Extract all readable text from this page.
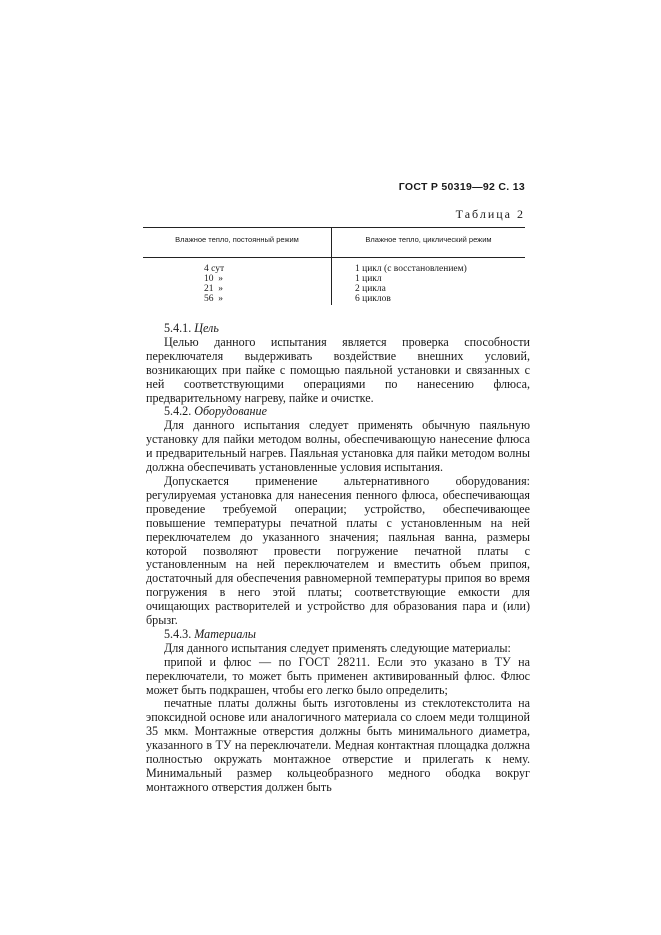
ГОСТ Р 50319—92 С. 13
Таблица 2
Влажное тепло, постоянный режим	Влажное тепло, циклический режим
4 сут
10  »
21  »
56  »
1 цикл (с восстановлением)
1 цикл
2 цикла
6 циклов

5.4.1. Цель

Целью данного испытания является проверка способности переключателя выдерживать воздействие внешних условий, возникающих при пайке с помощью паяльной установки и связанных с ней соответствующими операциями по нанесению флюса, предварительному нагреву, пайке и очистке.

5.4.2. Оборудование

Для данного испытания следует применять обычную паяльную установку для пайки методом волны, обеспечивающую нанесение флюса и предварительный нагрев. Паяльная установка для пайки методом волны должна обеспечивать установленные условия испытания.

Допускается применение альтернативного оборудования: регулируемая установка для нанесения пенного флюса, обеспечивающая проведение требуемой операции; устройство, обеспечивающее повышение температуры печатной платы с установленным на ней переключателем до указанного значения; паяльная ванна, размеры которой позволяют провести погружение печатной платы с установленным на ней переключателем и вместить объем припоя, достаточный для обеспечения равномерной температуры припоя во время погружения в него этой платы; соответствующие емкости для очищающих растворителей и устройство для образования пара и (или) брызг.

5.4.3. Материалы

Для данного испытания следует применять следующие материалы:

припой и флюс — по ГОСТ 28211. Если это указано в ТУ на переключатели, то может быть применен активированный флюс. Флюс может быть подкрашен, чтобы его легко было определить;

печатные платы должны быть изготовлены из стеклотекстолита на эпоксидной основе или аналогичного материала со слоем меди толщиной 35 мкм. Монтажные отверстия должны быть минимального диаметра, указанного в ТУ на переключатели. Медная контактная площадка должна полностью окружать монтажное отверстие и прилегать к нему. Минимальный размер кольцеобразного медного ободка вокруг монтажного отверстия должен быть
